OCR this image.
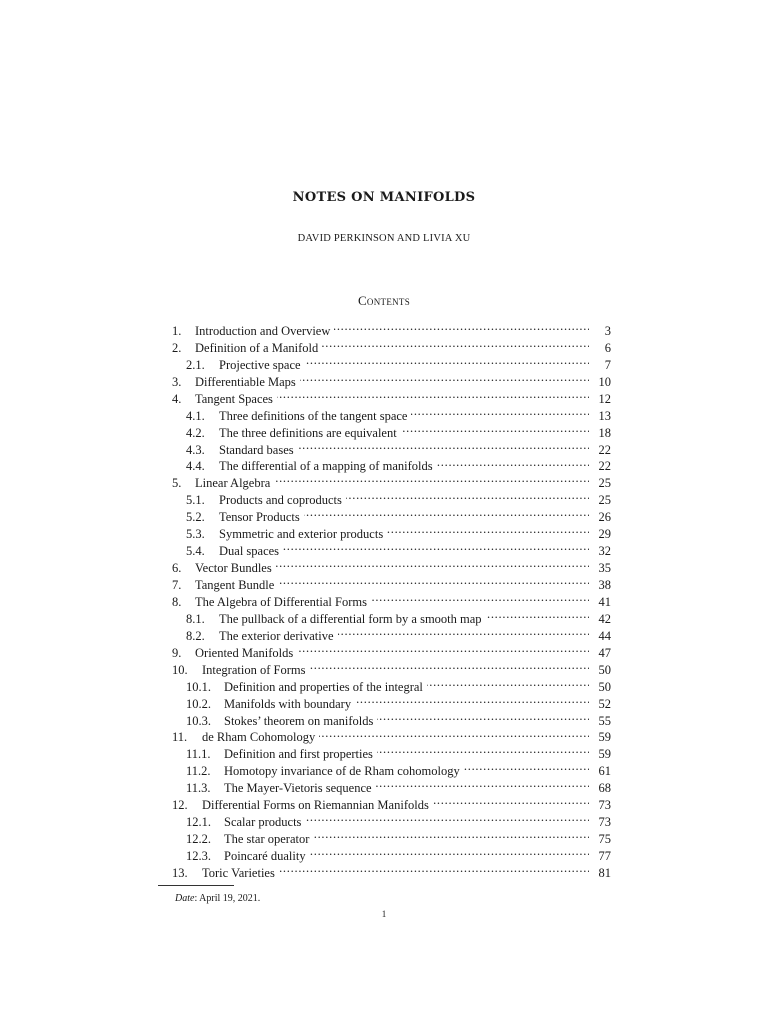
NOTES ON MANIFOLDS
DAVID PERKINSON AND LIVIA XU
Contents
1.	Introduction and Overview . . .	3
2.	Definition of a Manifold . . .	6
2.1.	Projective space . . .	7
3.	Differentiable Maps . . .	10
4.	Tangent Spaces . . .	12
4.1.	Three definitions of the tangent space . . .	13
4.2.	The three definitions are equivalent . . .	18
4.3.	Standard bases . . .	22
4.4.	The differential of a mapping of manifolds . . .	22
5.	Linear Algebra . . .	25
5.1.	Products and coproducts . . .	25
5.2.	Tensor Products . . .	26
5.3.	Symmetric and exterior products . . .	29
5.4.	Dual spaces . . .	32
6.	Vector Bundles . . .	35
7.	Tangent Bundle . . .	38
8.	The Algebra of Differential Forms . . .	41
8.1.	The pullback of a differential form by a smooth map . . .	42
8.2.	The exterior derivative . . .	44
9.	Oriented Manifolds . . .	47
10.	Integration of Forms . . .	50
10.1.	Definition and properties of the integral . . .	50
10.2.	Manifolds with boundary . . .	52
10.3.	Stokes’ theorem on manifolds . . .	55
11.	de Rham Cohomology . . .	59
11.1.	Definition and first properties . . .	59
11.2.	Homotopy invariance of de Rham cohomology . . .	61
11.3.	The Mayer-Vietoris sequence . . .	68
12.	Differential Forms on Riemannian Manifolds . . .	73
12.1.	Scalar products . . .	73
12.2.	The star operator . . .	75
12.3.	Poincaré duality . . .	77
13.	Toric Varieties . . .	81
Date: April 19, 2021.
1
